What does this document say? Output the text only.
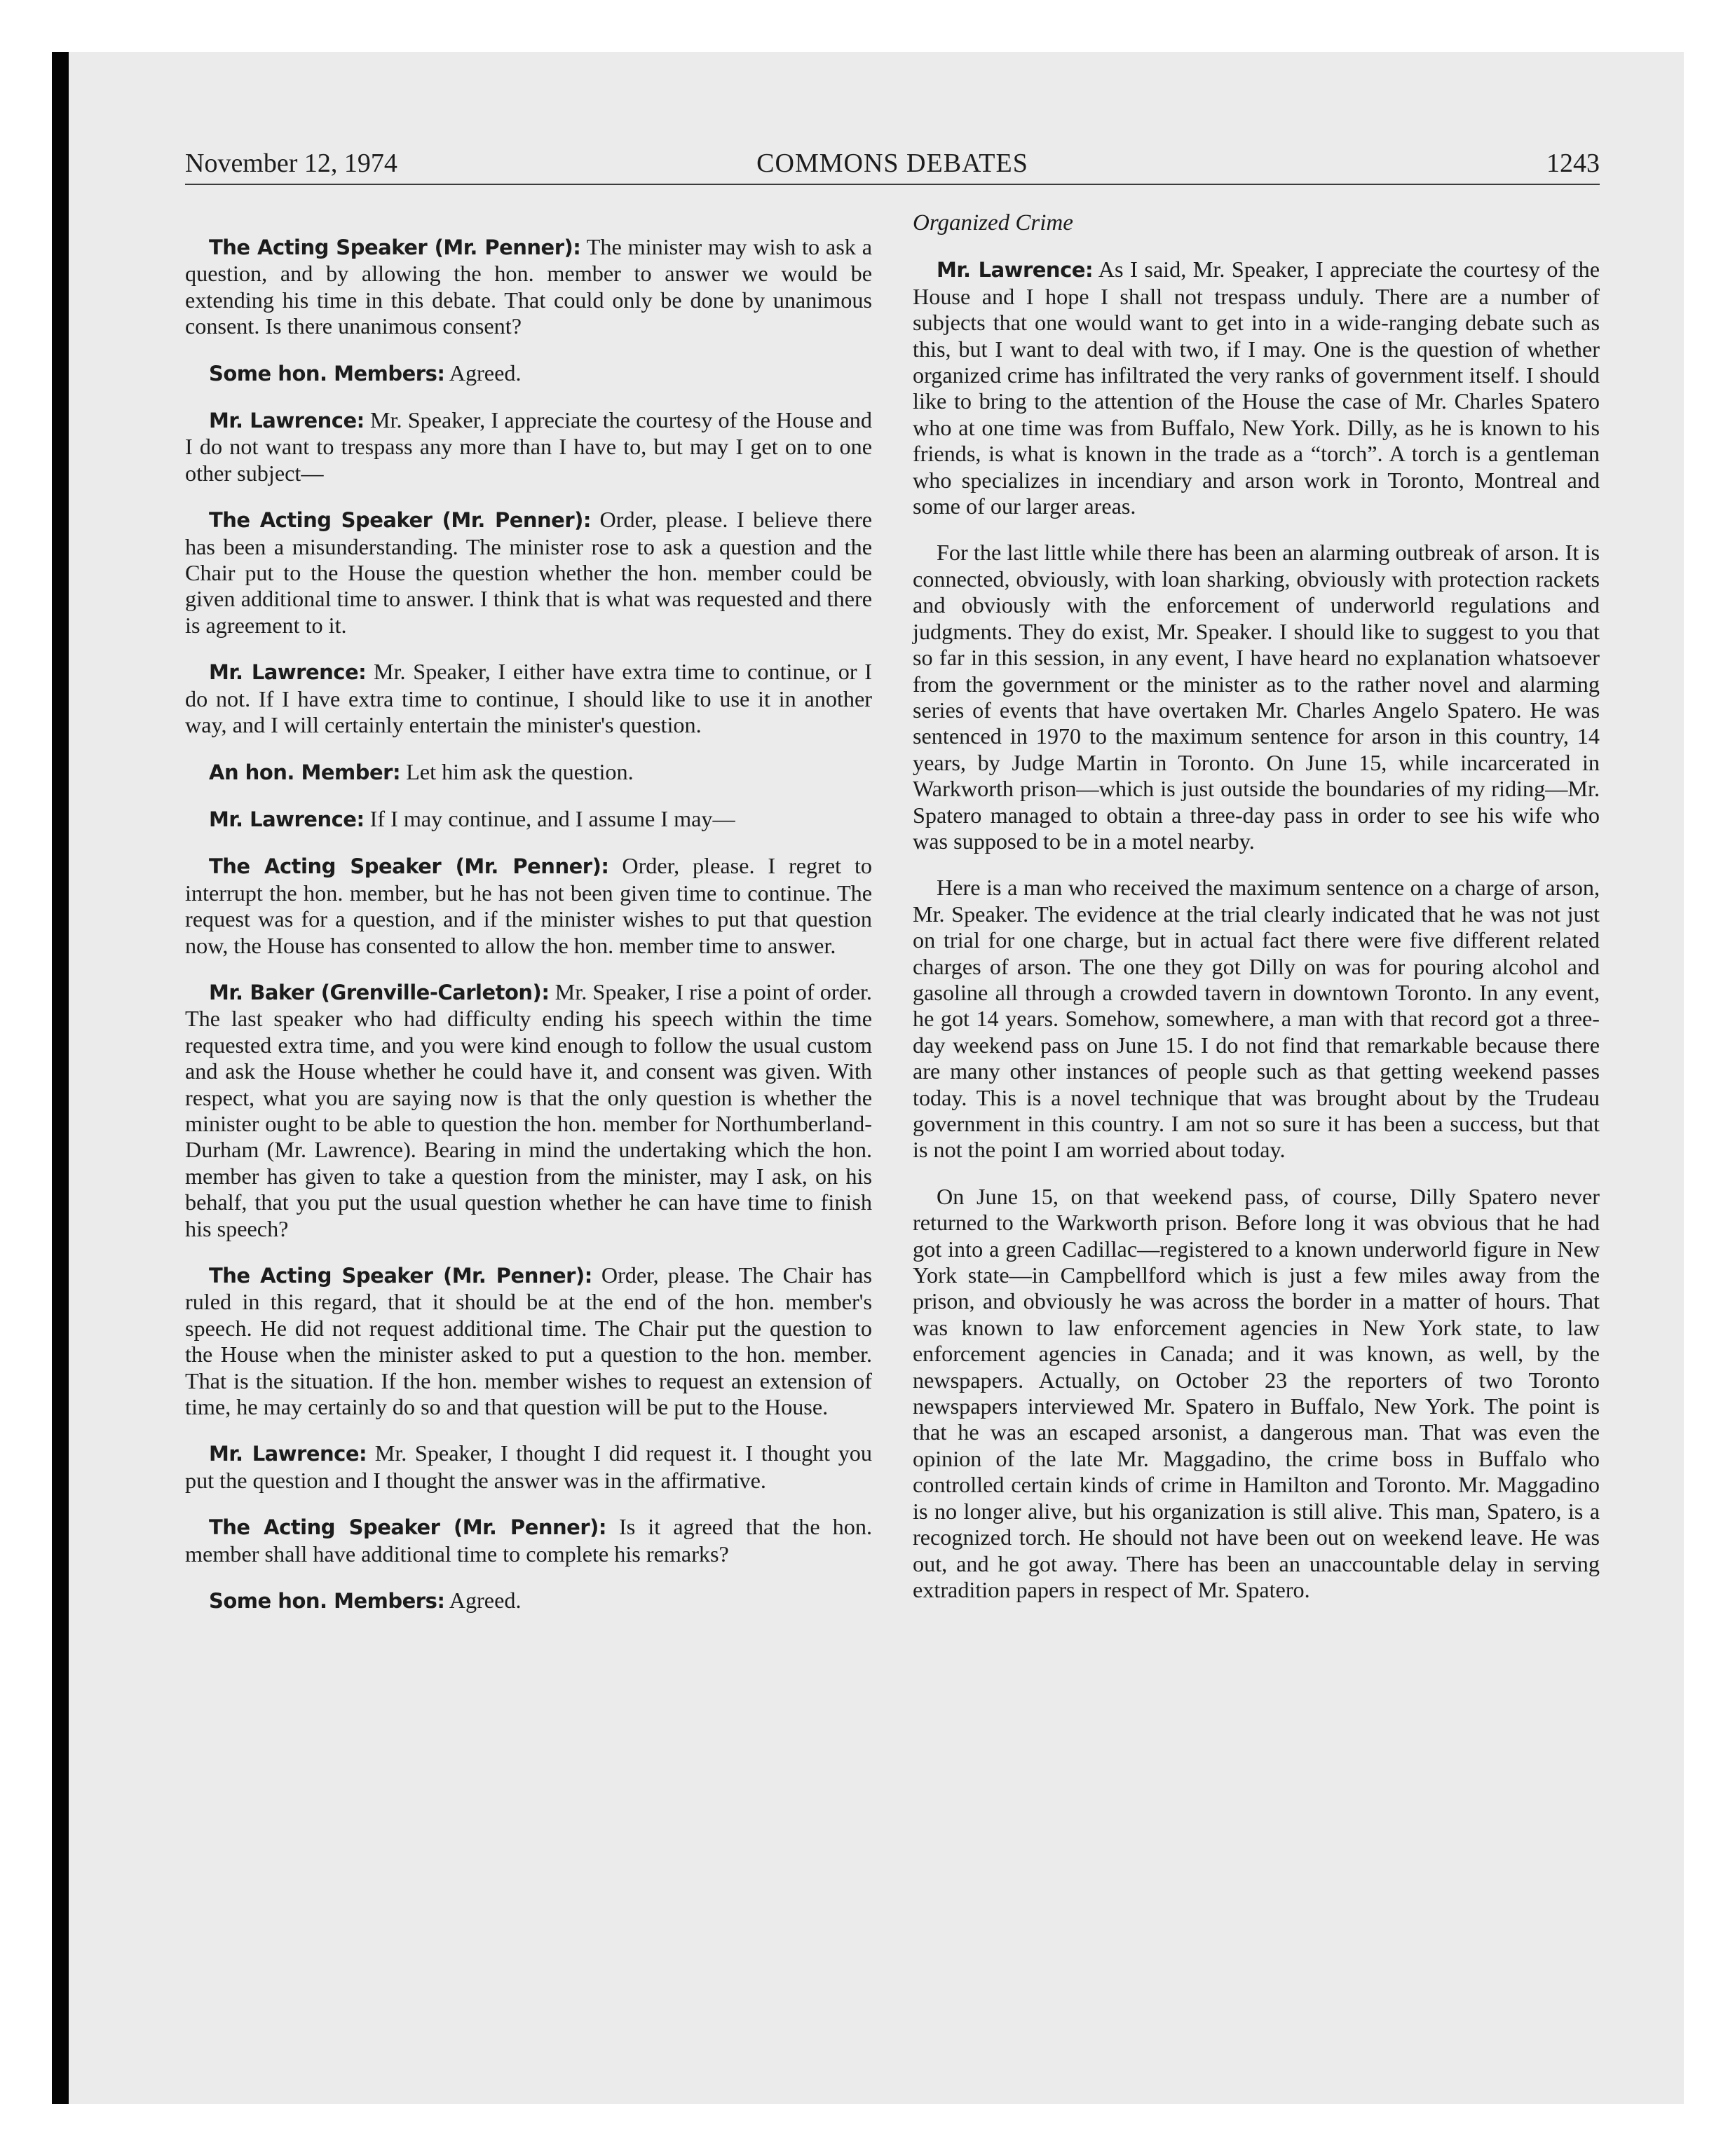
November 12, 1974	COMMONS DEBATES	1243

The Acting Speaker (Mr. Penner): The minister may wish to ask a question, and by allowing the hon. member to answer we would be extending his time in this debate. That could only be done by unanimous consent. Is there unanimous consent?

Some hon. Members: Agreed.

Mr. Lawrence: Mr. Speaker, I appreciate the courtesy of the House and I do not want to trespass any more than I have to, but may I get on to one other subject—

The Acting Speaker (Mr. Penner): Order, please. I believe there has been a misunderstanding. The minister rose to ask a question and the Chair put to the House the question whether the hon. member could be given additional time to answer. I think that is what was requested and there is agreement to it.

Mr. Lawrence: Mr. Speaker, I either have extra time to continue, or I do not. If I have extra time to continue, I should like to use it in another way, and I will certainly entertain the minister's question.

An hon. Member: Let him ask the question.

Mr. Lawrence: If I may continue, and I assume I may—

The Acting Speaker (Mr. Penner): Order, please. I regret to interrupt the hon. member, but he has not been given time to continue. The request was for a question, and if the minister wishes to put that question now, the House has consented to allow the hon. member time to answer.

Mr. Baker (Grenville-Carleton): Mr. Speaker, I rise a point of order. The last speaker who had difficulty ending his speech within the time requested extra time, and you were kind enough to follow the usual custom and ask the House whether he could have it, and consent was given. With respect, what you are saying now is that the only question is whether the minister ought to be able to question the hon. member for Northumberland-Durham (Mr. Lawrence). Bearing in mind the undertaking which the hon. member has given to take a question from the minister, may I ask, on his behalf, that you put the usual question whether he can have time to finish his speech?

The Acting Speaker (Mr. Penner): Order, please. The Chair has ruled in this regard, that it should be at the end of the hon. member's speech. He did not request additional time. The Chair put the question to the House when the minister asked to put a question to the hon. member. That is the situation. If the hon. member wishes to request an extension of time, he may certainly do so and that question will be put to the House.

Mr. Lawrence: Mr. Speaker, I thought I did request it. I thought you put the question and I thought the answer was in the affirmative.

The Acting Speaker (Mr. Penner): Is it agreed that the hon. member shall have additional time to complete his remarks?

Some hon. Members: Agreed.

Organized Crime

Mr. Lawrence: As I said, Mr. Speaker, I appreciate the courtesy of the House and I hope I shall not trespass unduly. There are a number of subjects that one would want to get into in a wide-ranging debate such as this, but I want to deal with two, if I may. One is the question of whether organized crime has infiltrated the very ranks of government itself. I should like to bring to the attention of the House the case of Mr. Charles Spatero who at one time was from Buffalo, New York. Dilly, as he is known to his friends, is what is known in the trade as a “torch”. A torch is a gentleman who specializes in incendiary and arson work in Toronto, Montreal and some of our larger areas.

For the last little while there has been an alarming outbreak of arson. It is connected, obviously, with loan sharking, obviously with protection rackets and obviously with the enforcement of underworld regulations and judgments. They do exist, Mr. Speaker. I should like to suggest to you that so far in this session, in any event, I have heard no explanation whatsoever from the government or the minister as to the rather novel and alarming series of events that have overtaken Mr. Charles Angelo Spatero. He was sentenced in 1970 to the maximum sentence for arson in this country, 14 years, by Judge Martin in Toronto. On June 15, while incarcerated in Warkworth prison—which is just outside the boundaries of my riding—Mr. Spatero managed to obtain a three-day pass in order to see his wife who was supposed to be in a motel nearby.

Here is a man who received the maximum sentence on a charge of arson, Mr. Speaker. The evidence at the trial clearly indicated that he was not just on trial for one charge, but in actual fact there were five different related charges of arson. The one they got Dilly on was for pouring alcohol and gasoline all through a crowded tavern in downtown Toronto. In any event, he got 14 years. Somehow, somewhere, a man with that record got a three-day weekend pass on June 15. I do not find that remarkable because there are many other instances of people such as that getting weekend passes today. This is a novel technique that was brought about by the Trudeau government in this country. I am not so sure it has been a success, but that is not the point I am worried about today.

On June 15, on that weekend pass, of course, Dilly Spatero never returned to the Warkworth prison. Before long it was obvious that he had got into a green Cadillac—registered to a known underworld figure in New York state—in Campbellford which is just a few miles away from the prison, and obviously he was across the border in a matter of hours. That was known to law enforcement agencies in New York state, to law enforcement agencies in Canada; and it was known, as well, by the newspapers. Actually, on October 23 the reporters of two Toronto newspapers interviewed Mr. Spatero in Buffalo, New York. The point is that he was an escaped arsonist, a dangerous man. That was even the opinion of the late Mr. Maggadino, the crime boss in Buffalo who controlled certain kinds of crime in Hamilton and Toronto. Mr. Maggadino is no longer alive, but his organization is still alive. This man, Spatero, is a recognized torch. He should not have been out on weekend leave. He was out, and he got away. There has been an unaccountable delay in serving extradition papers in respect of Mr. Spatero.
